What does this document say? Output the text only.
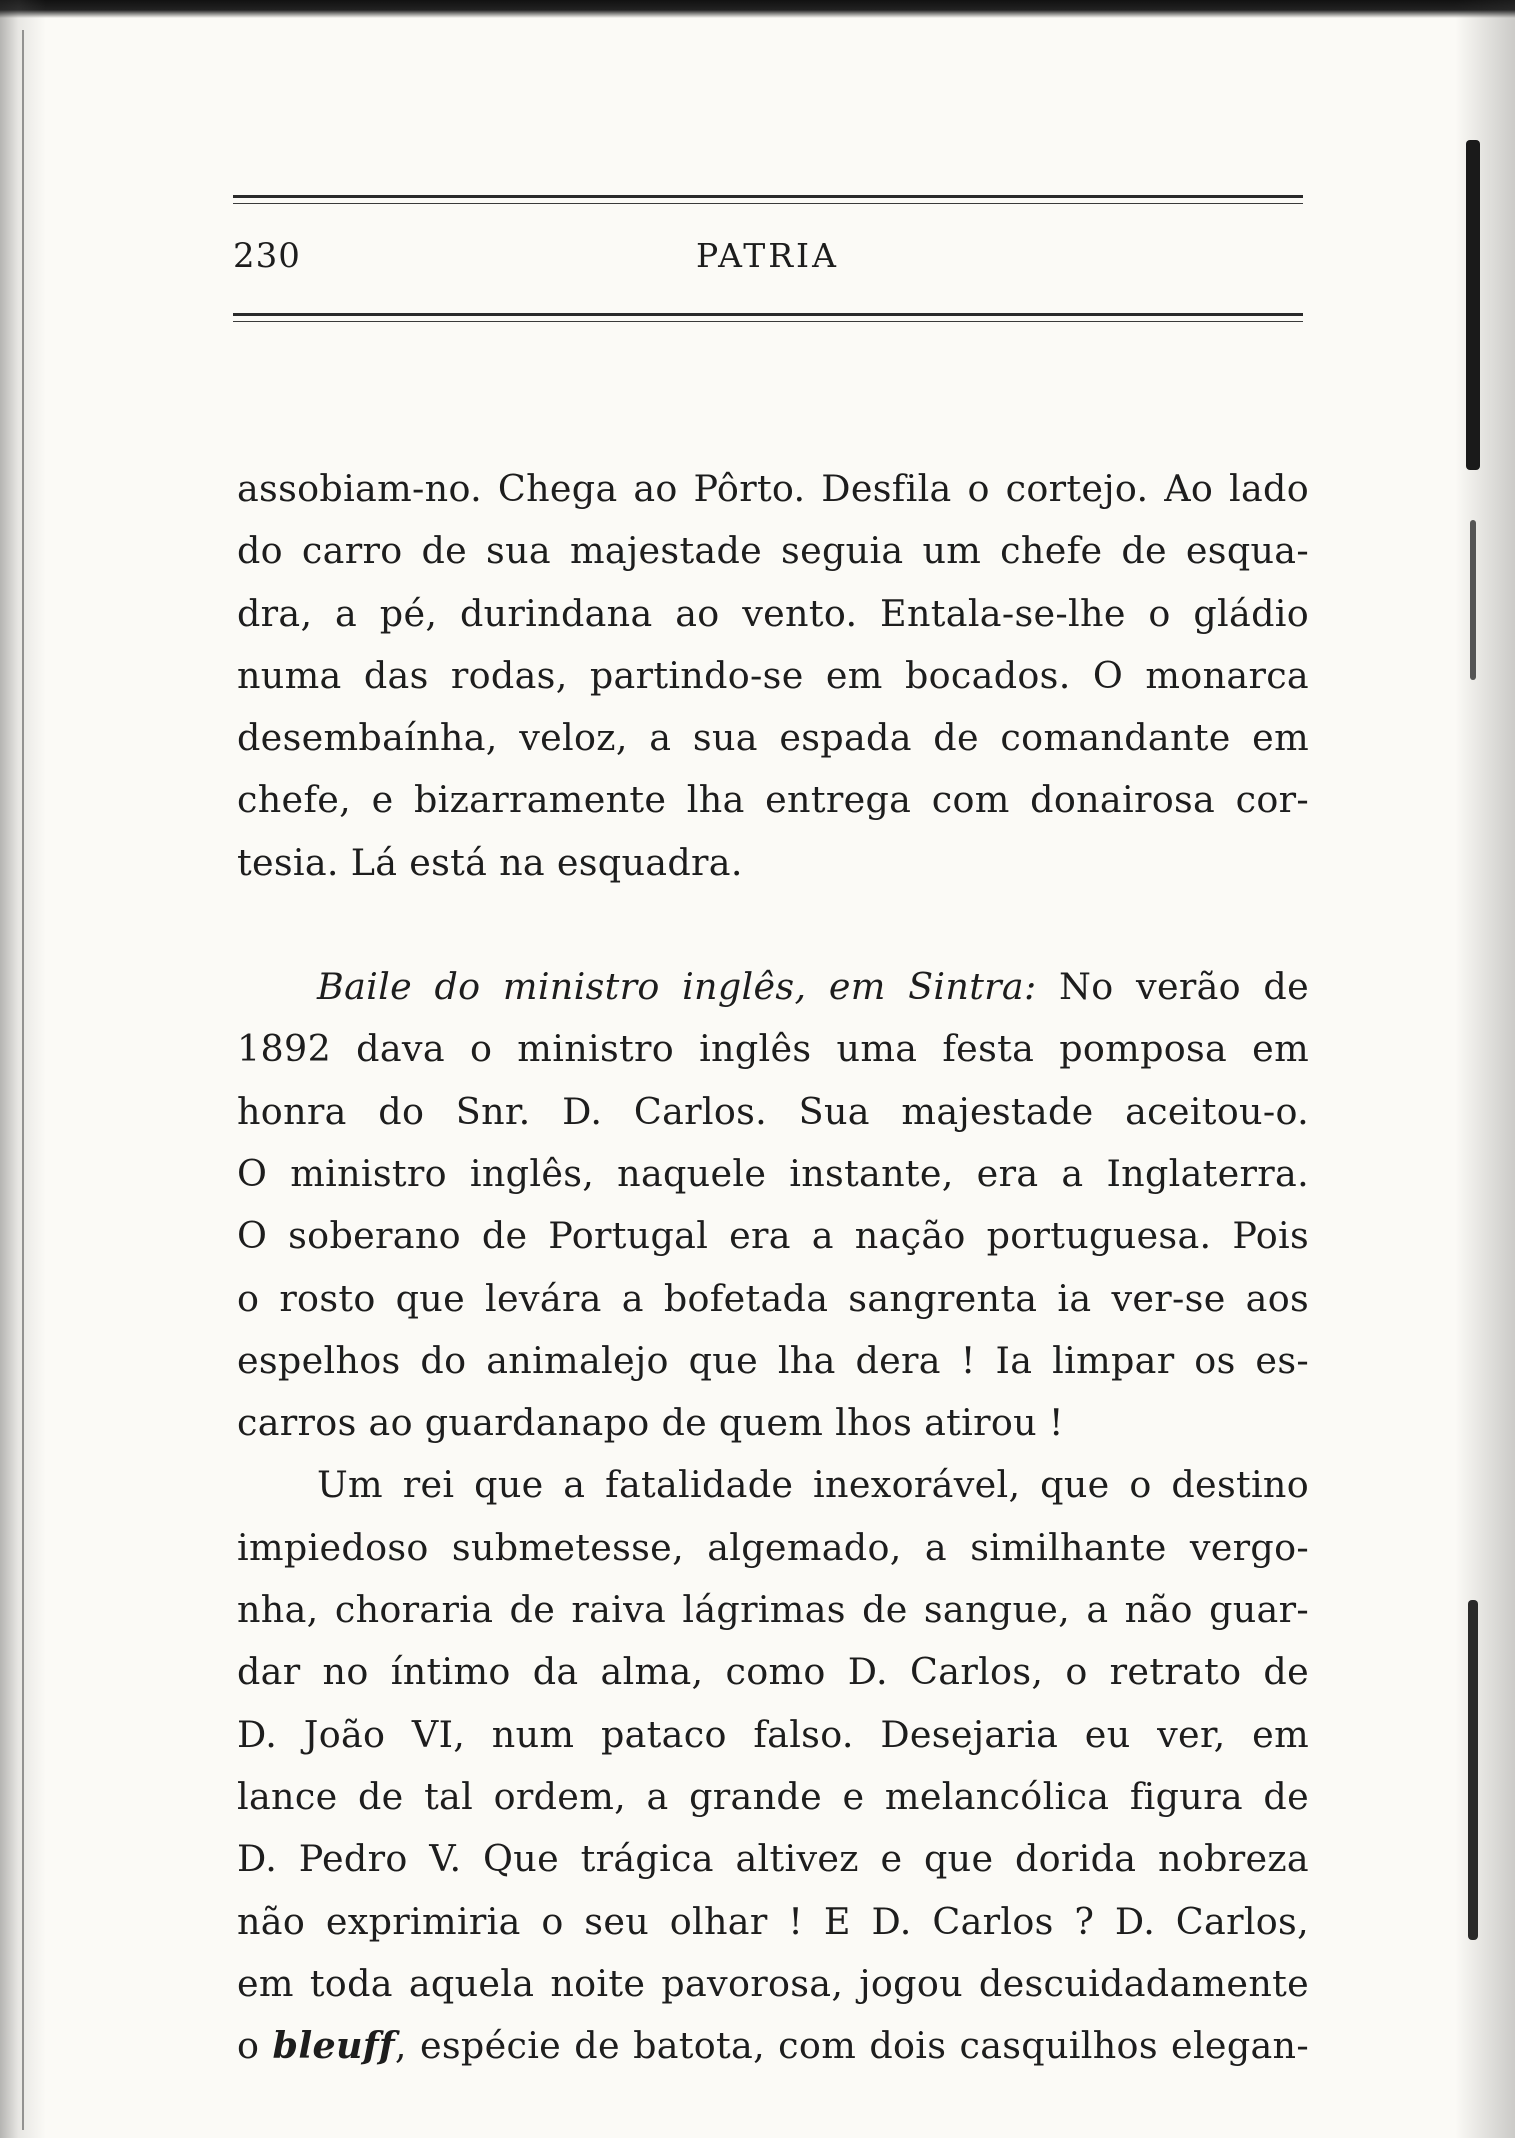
230	PATRIA
assobiam-no. Chega ao Pôrto. Desfila o cortejo. Ao lado
do carro de sua majestade seguia um chefe de esqua-
dra, a pé, durindana ao vento. Entala-se-lhe o gládio
numa das rodas, partindo-se em bocados. O monarca
desembaínha, veloz, a sua espada de comandante em
chefe, e bizarramente lha entrega com donairosa cor-
tesia. Lá está na esquadra.
Baile do ministro inglês, em Sintra: No verão de
1892 dava o ministro inglês uma festa pomposa em
honra do Snr. D. Carlos. Sua majestade aceitou-o.
O ministro inglês, naquele instante, era a Inglaterra.
O soberano de Portugal era a nação portuguesa. Pois
o rosto que levára a bofetada sangrenta ia ver-se aos
espelhos do animalejo que lha dera ! Ia limpar os es-
carros ao guardanapo de quem lhos atirou !
Um rei que a fatalidade inexorável, que o destino
impiedoso submetesse, algemado, a similhante vergo-
nha, choraria de raiva lágrimas de sangue, a não guar-
dar no íntimo da alma, como D. Carlos, o retrato de
D. João VI, num pataco falso. Desejaria eu ver, em
lance de tal ordem, a grande e melancólica figura de
D. Pedro V. Que trágica altivez e que dorida nobreza
não exprimiria o seu olhar ! E D. Carlos ? D. Carlos,
em toda aquela noite pavorosa, jogou descuidadamente
o bleuff, espécie de batota, com dois casquilhos elegan-
